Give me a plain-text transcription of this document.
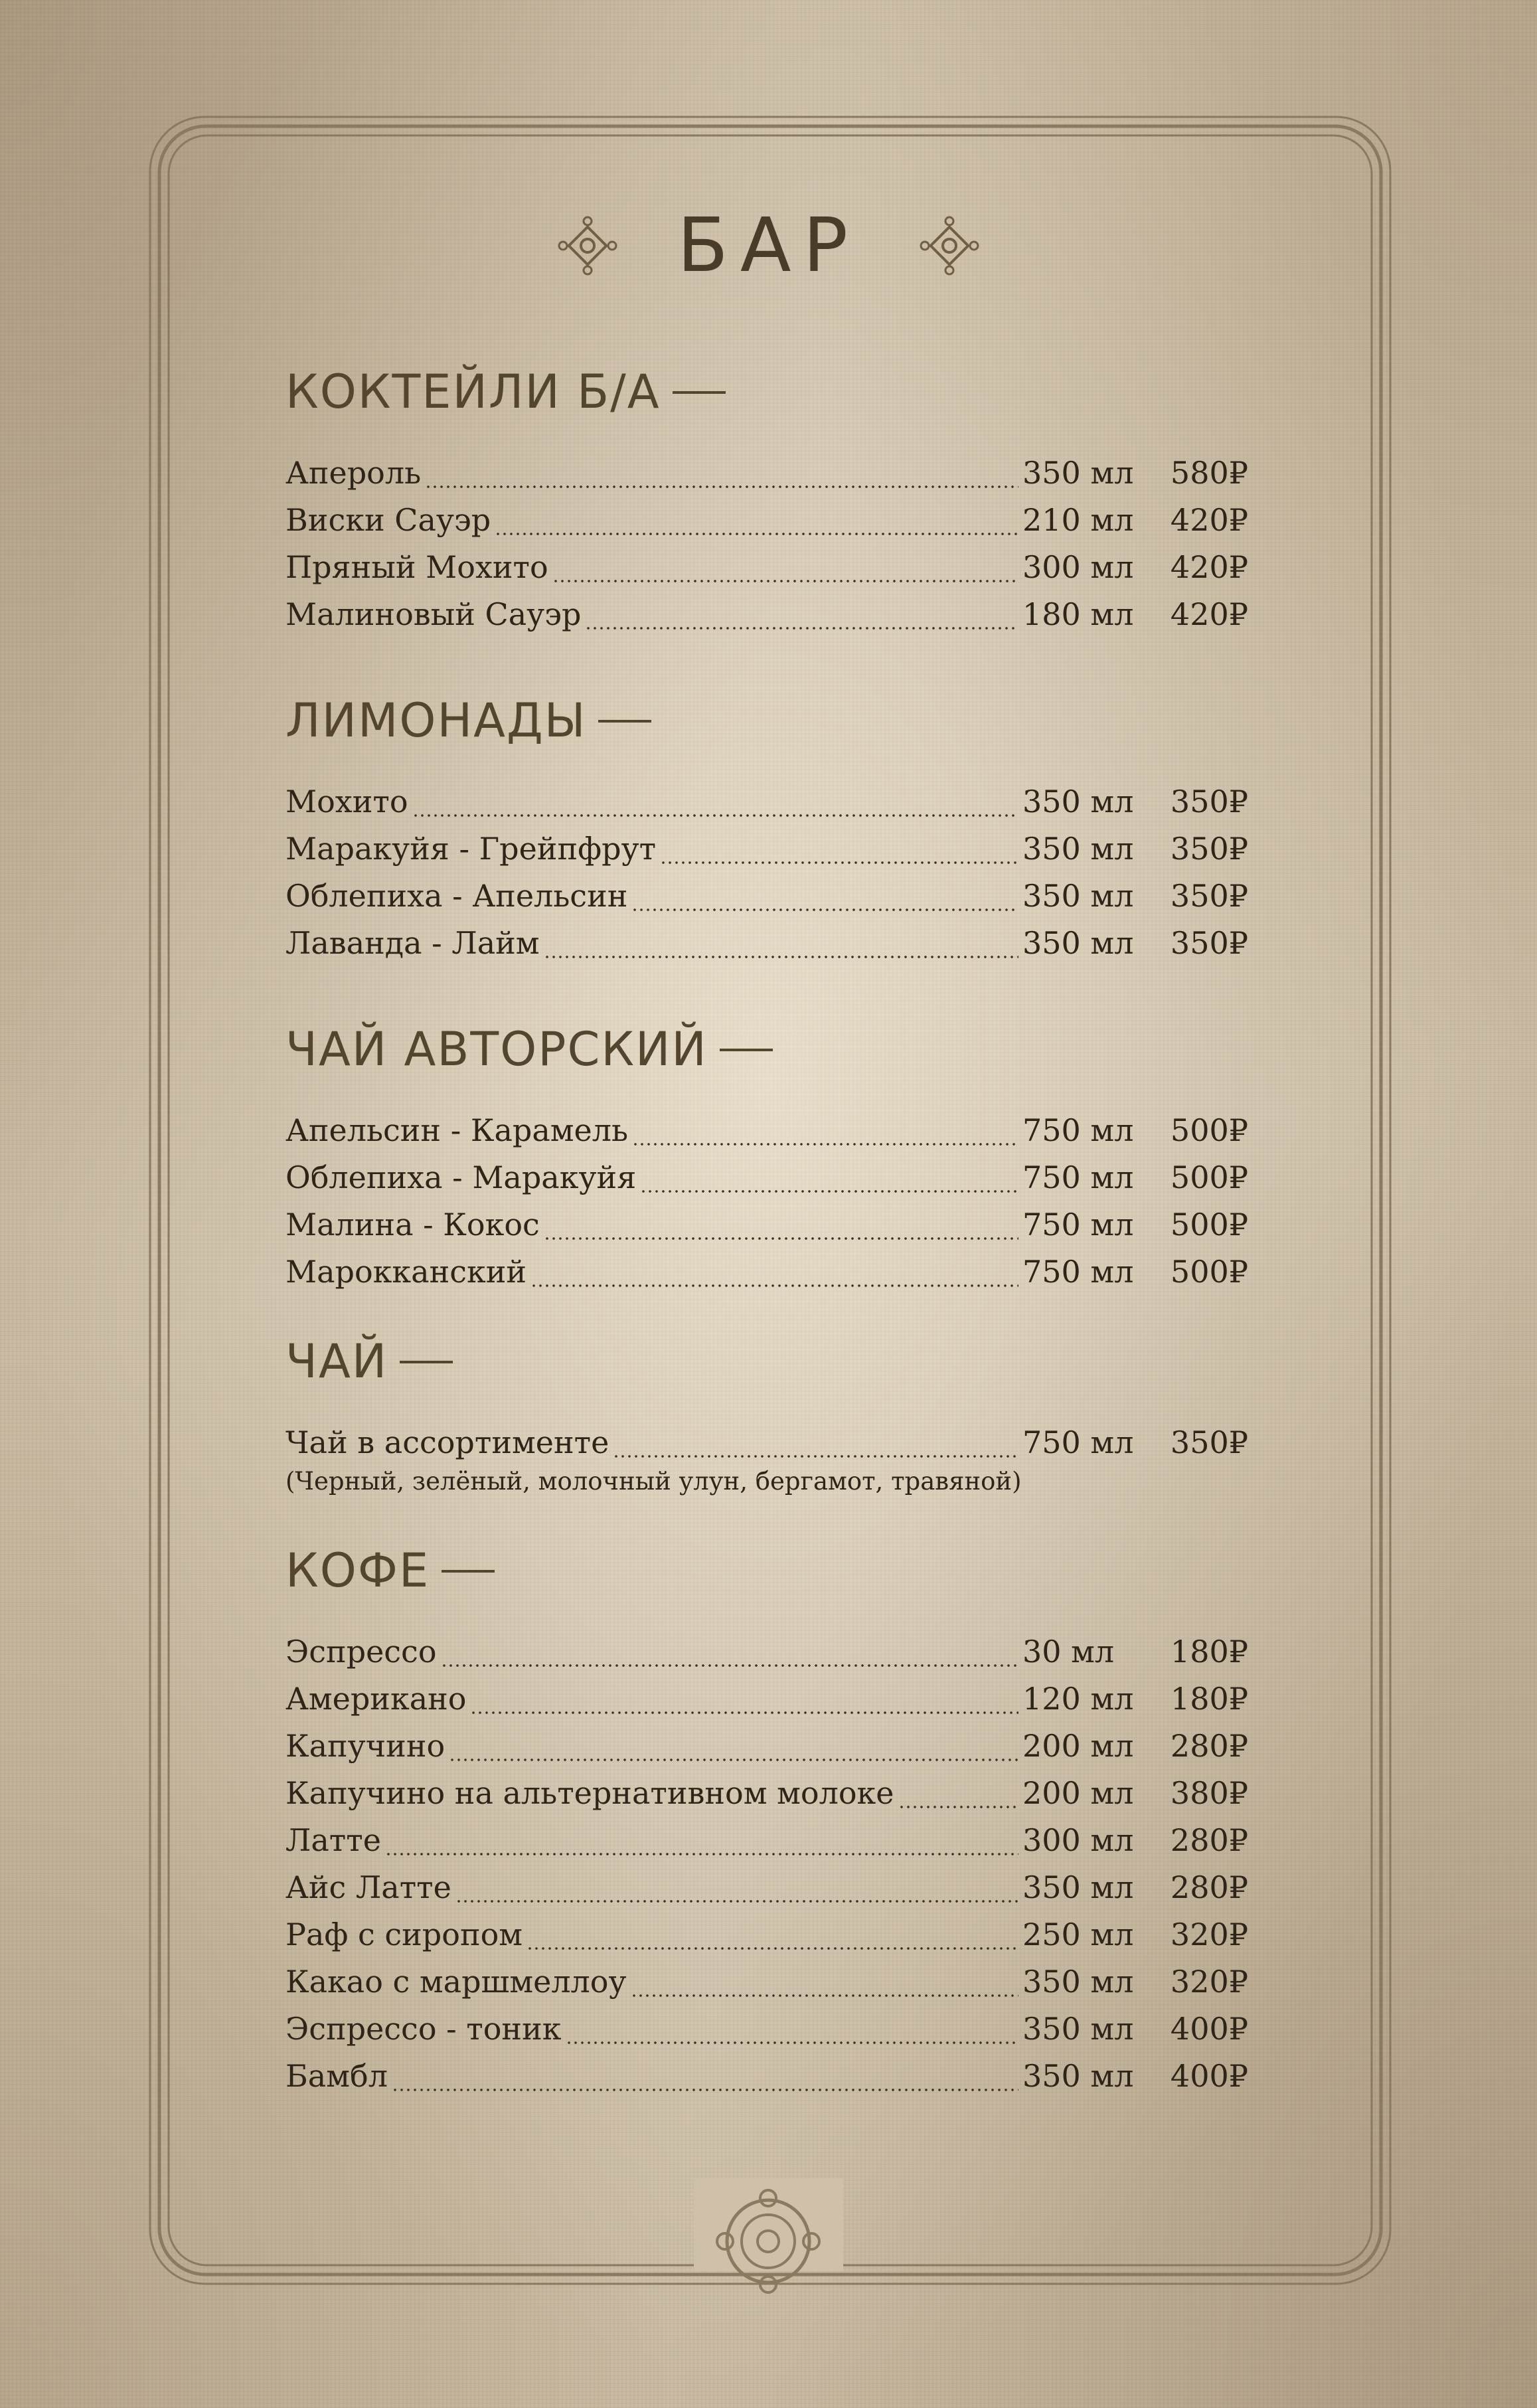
БАР
КОКТЕЙЛИ Б/А
Апероль	350 мл	580₽
Виски Сауэр	210 мл	420₽
Пряный Мохито	300 мл	420₽
Малиновый Сауэр	180 мл	420₽
ЛИМОНАДЫ
Мохито	350 мл	350₽
Маракуйя - Грейпфрут	350 мл	350₽
Облепиха - Апельсин	350 мл	350₽
Лаванда - Лайм	350 мл	350₽
ЧАЙ АВТОРСКИЙ
Апельсин - Карамель	750 мл	500₽
Облепиха - Маракуйя	750 мл	500₽
Малина - Кокос	750 мл	500₽
Марокканский	750 мл	500₽
ЧАЙ
Чай в ассортименте	750 мл	350₽
(Черный, зелёный, молочный улун, бергамот, травяной)
КОФЕ
Эспрессо	30 мл	180₽
Американо	120 мл	180₽
Капучино	200 мл	280₽
Капучино на альтернативном молоке	200 мл	380₽
Латте	300 мл	280₽
Айс Латте	350 мл	280₽
Раф с сиропом	250 мл	320₽
Какао с маршмеллоу	350 мл	320₽
Эспрессо - тоник	350 мл	400₽
Бамбл	350 мл	400₽
